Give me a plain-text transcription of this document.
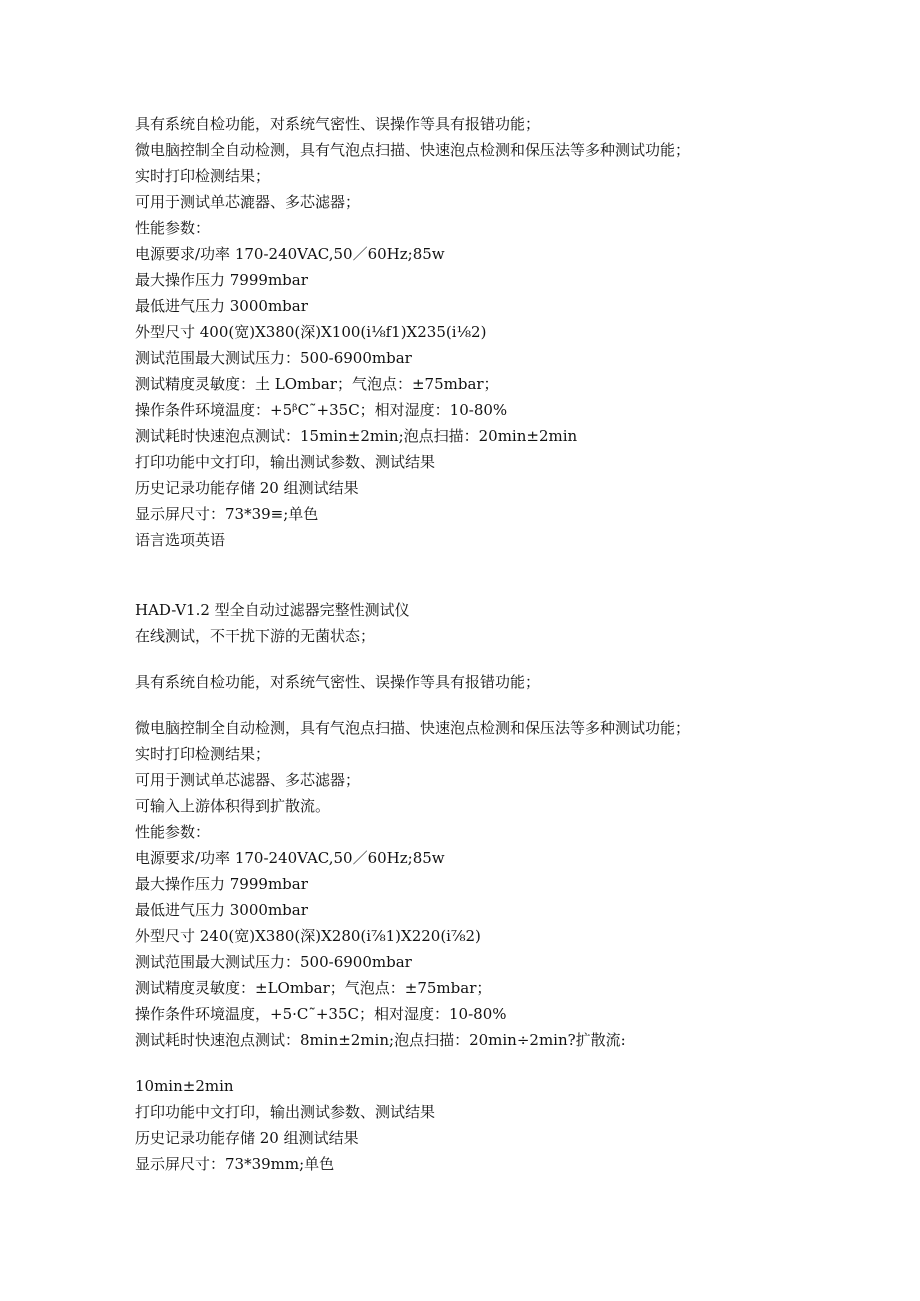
具有系统自检功能，对系统气密性、误操作等具有报错功能；
微电脑控制全自动检测，具有气泡点扫描、快速泡点检测和保压法等多种测试功能；
实时打印检测结果；
可用于测试单芯漉器、多芯滤器；
性能参数：
电源要求/功率 170-240VAC,50／60Hz;85w
最大操作压力 7999mbar
最低进气压力 3000mbar
外型尺寸 400(宽)X380(深)X100(i⅛f1)X235(i⅛2)
测试范围最大测试压力：500-6900mbar
测试精度灵敏度：土 LOmbar；气泡点：±75mbar；
操作条件环境温度：+5ᵝC˜+35C；相对湿度：10-80%
测试耗时快速泡点测试：15min±2min;泡点扫描：20min±2min
打印功能中文打印，输出测试参数、测试结果
历史记录功能存储 20 组测试结果
显示屏尺寸：73*39≡;单色
语言选项英语
HAD-V1.2 型全自动过滤器完整性测试仪
在线测试，不干扰下游的无菌状态；
具有系统自检功能，对系统气密性、误操作等具有报错功能；
微电脑控制全自动检测，具有气泡点扫描、快速泡点检测和保压法等多种测试功能；
实时打印检测结果；
可用于测试单芯滤器、多芯滤器；
可输入上游体积得到扩散流。
性能参数：
电源要求/功率 170-240VAC,50／60Hz;85w
最大操作压力 7999mbar
最低进气压力 3000mbar
外型尺寸 240(宽)X380(深)X280(i⅞1)X220(i⅞2)
测试范围最大测试压力：500-6900mbar
测试精度灵敏度：±LOmbar；气泡点：±75mbar；
操作条件环境温度，+5·C˜+35C；相对湿度：10-80%
测试耗时快速泡点测试：8min±2min;泡点扫描：20min÷2min?扩散流:
10min±2min
打印功能中文打印，输出测试参数、测试结果
历史记录功能存储 20 组测试结果
显示屏尺寸：73*39mm;单色
